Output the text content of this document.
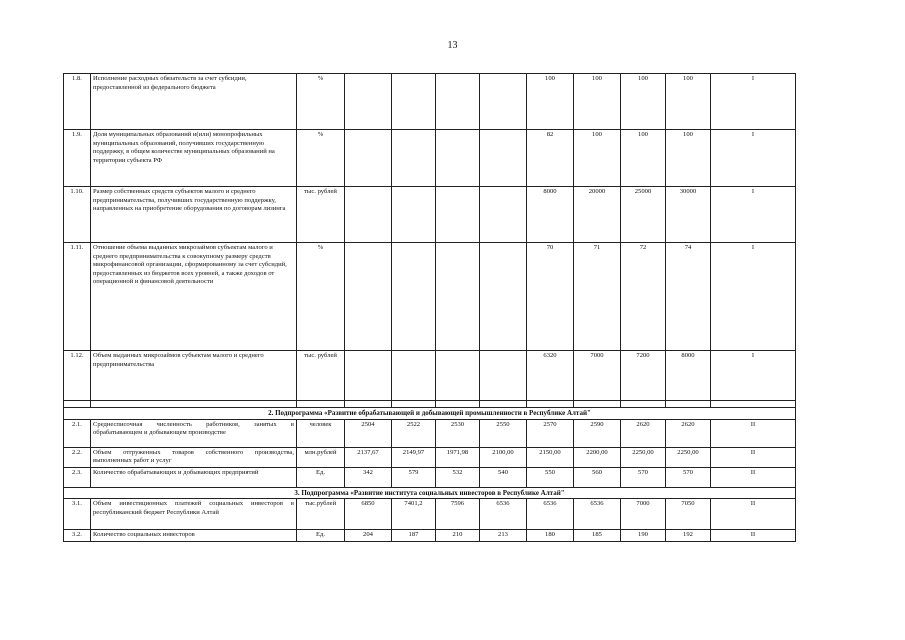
13
1.8.	Исполнение расходных обязательств за счет субсидии, предоставленной из федерального бюджета	%					100	100	100	100	I
1.9.	Доля муниципальных образований и(или) монопрофильных муниципальных образований, получивших государственную поддержку, в общем количестве муниципальных образований на территории субъекта РФ	%					82	100	100	100	I
1.10.	Размер собственных средств субъектов малого и среднего предпринимательства, получивших государственную поддержку, направленных на приобретение оборудования по договорам лизинга	тыс. рублей					8000	20000	25000	30000	I
1.11.	Отношение объема выданных микрозаймов субъектам малого и среднего предпринимательства к совокупному размеру средств микрофинансовой организации, сформированному за счет субсидий, предоставленных из бюджетов всех уровней, а также доходов от операционной и финансовой деятельности	%					70	71	72	74	I
1.12.	Объем выданных микрозаймов субъектам малого и среднего предпринимательства	тыс. рублей					6320	7000	7200	8000	I

2. Подпрограмма «Развитие обрабатывающей и добывающей промышленности в Республике Алтай"											
2.1.	Среднесписочная численность работников, занятых в обрабатывающем и добывающем производстве	человек	2504	2522	2530	2550	2570	2590	2620	2620	II
2.2.	Объем отгруженных товаров собственного производства, выполненных работ и услуг	млн.рублей	2137,67	2149,97	1971,98	2100,00	2150,00	2200,00	2250,00	2250,00	II
2.3.	Количество обрабатывающих и добывающих предприятий	Ед.	342	579	532	540	550	560	570	570	II
3. Подпрограмма «Развитие института социальных инвесторов в Республике Алтай"											
3.1.	Объем инвестиционных платежей социальных инвесторов в республиканский бюджет Республики Алтай	тыс.рублей	6850	7401,2	7596	6536	6536	6536	7000	7050	II
3.2.	Количество социальных инвесторов	Ед.	204	187	210	213	180	185	190	192	II
